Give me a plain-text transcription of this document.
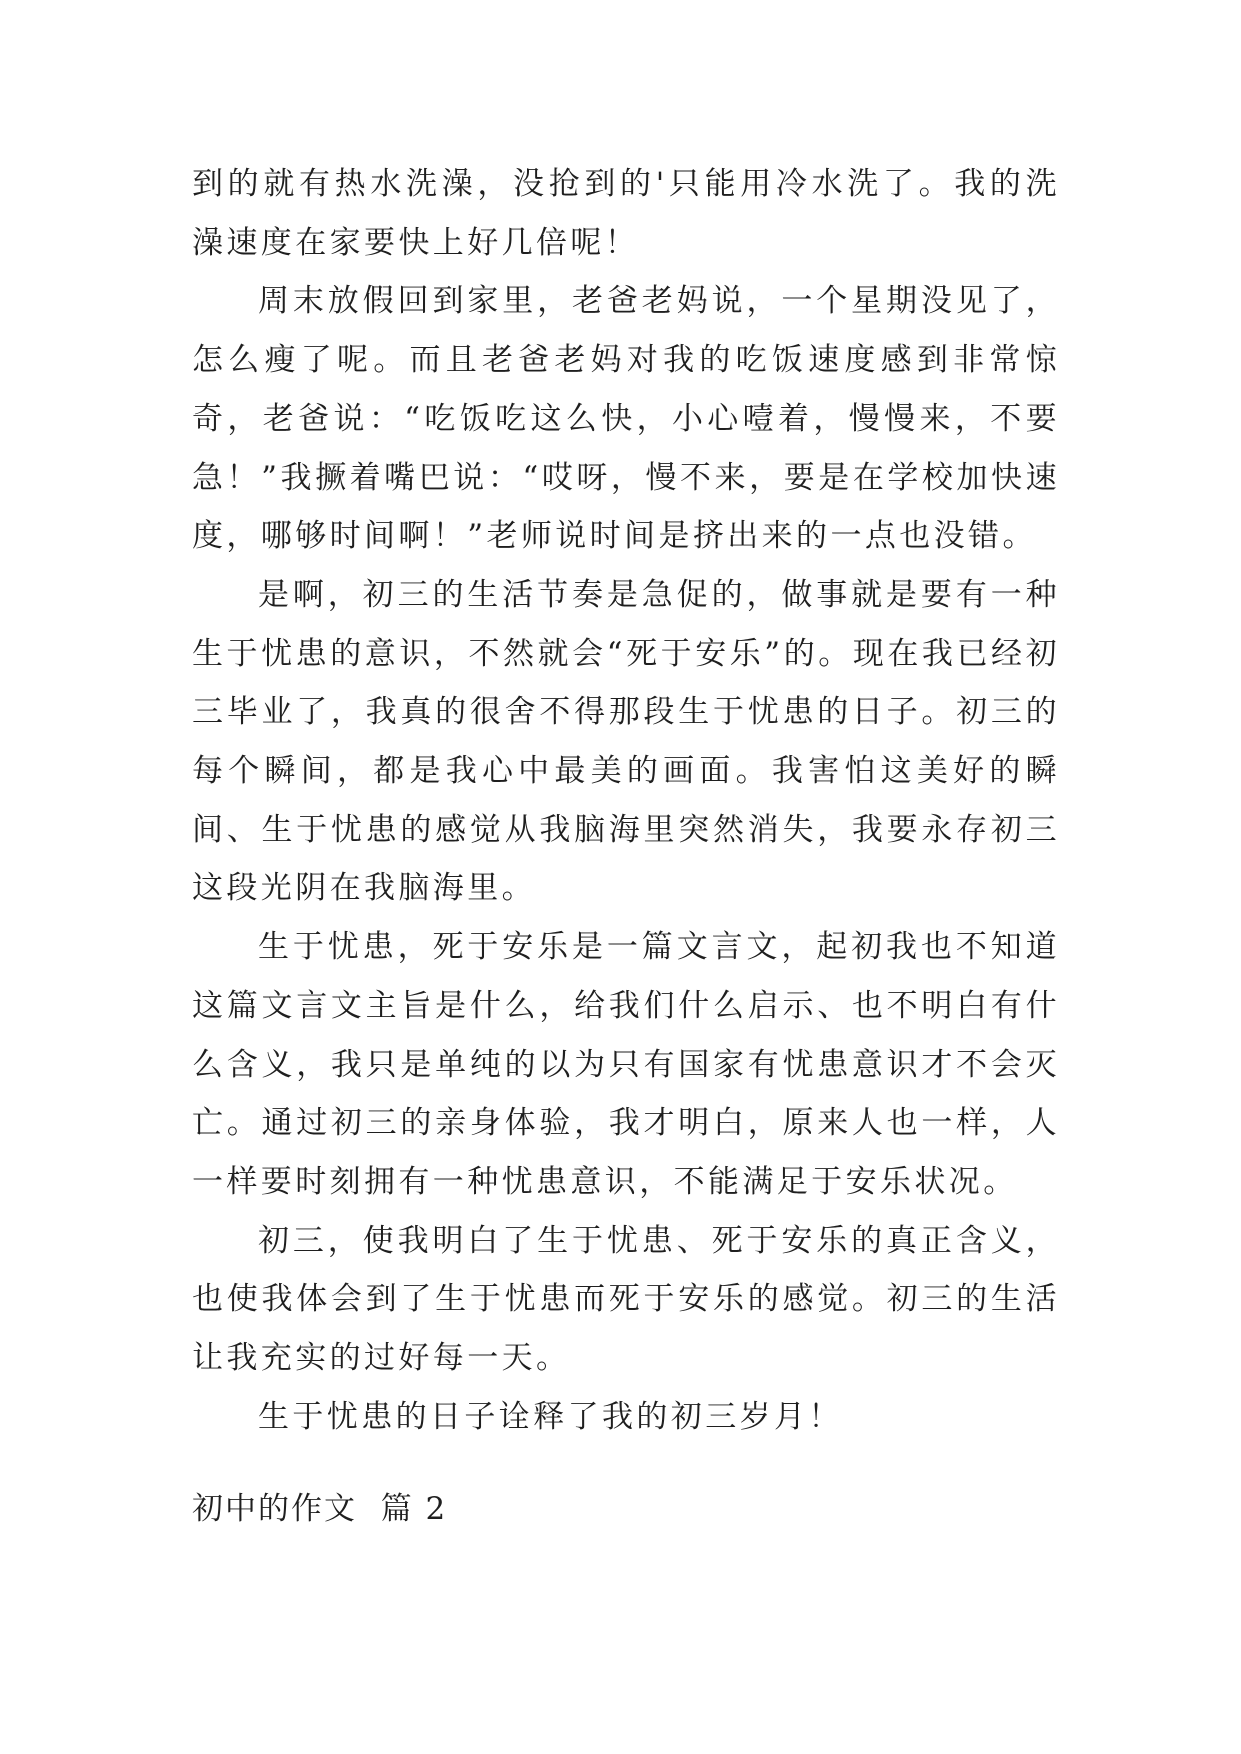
到的就有热水洗澡，没抢到的'只能用冷水洗了。我的洗澡速度在家要快上好几倍呢！

周末放假回到家里，老爸老妈说，一个星期没见了，怎么瘦了呢。而且老爸老妈对我的吃饭速度感到非常惊奇，老爸说：“吃饭吃这么快，小心噎着，慢慢来，不要急！”我撅着嘴巴说：“哎呀，慢不来，要是在学校加快速度，哪够时间啊！”老师说时间是挤出来的一点也没错。

是啊，初三的生活节奏是急促的，做事就是要有一种生于忧患的意识，不然就会“死于安乐”的。现在我已经初三毕业了，我真的很舍不得那段生于忧患的日子。初三的每个瞬间，都是我心中最美的画面。我害怕这美好的瞬间、生于忧患的感觉从我脑海里突然消失，我要永存初三这段光阴在我脑海里。

生于忧患，死于安乐是一篇文言文，起初我也不知道这篇文言文主旨是什么，给我们什么启示、也不明白有什么含义，我只是单纯的以为只有国家有忧患意识才不会灭亡。通过初三的亲身体验，我才明白，原来人也一样，人一样要时刻拥有一种忧患意识，不能满足于安乐状况。

初三，使我明白了生于忧患、死于安乐的真正含义，也使我体会到了生于忧患而死于安乐的感觉。初三的生活让我充实的过好每一天。

生于忧患的日子诠释了我的初三岁月！

初中的作文  篇 2
